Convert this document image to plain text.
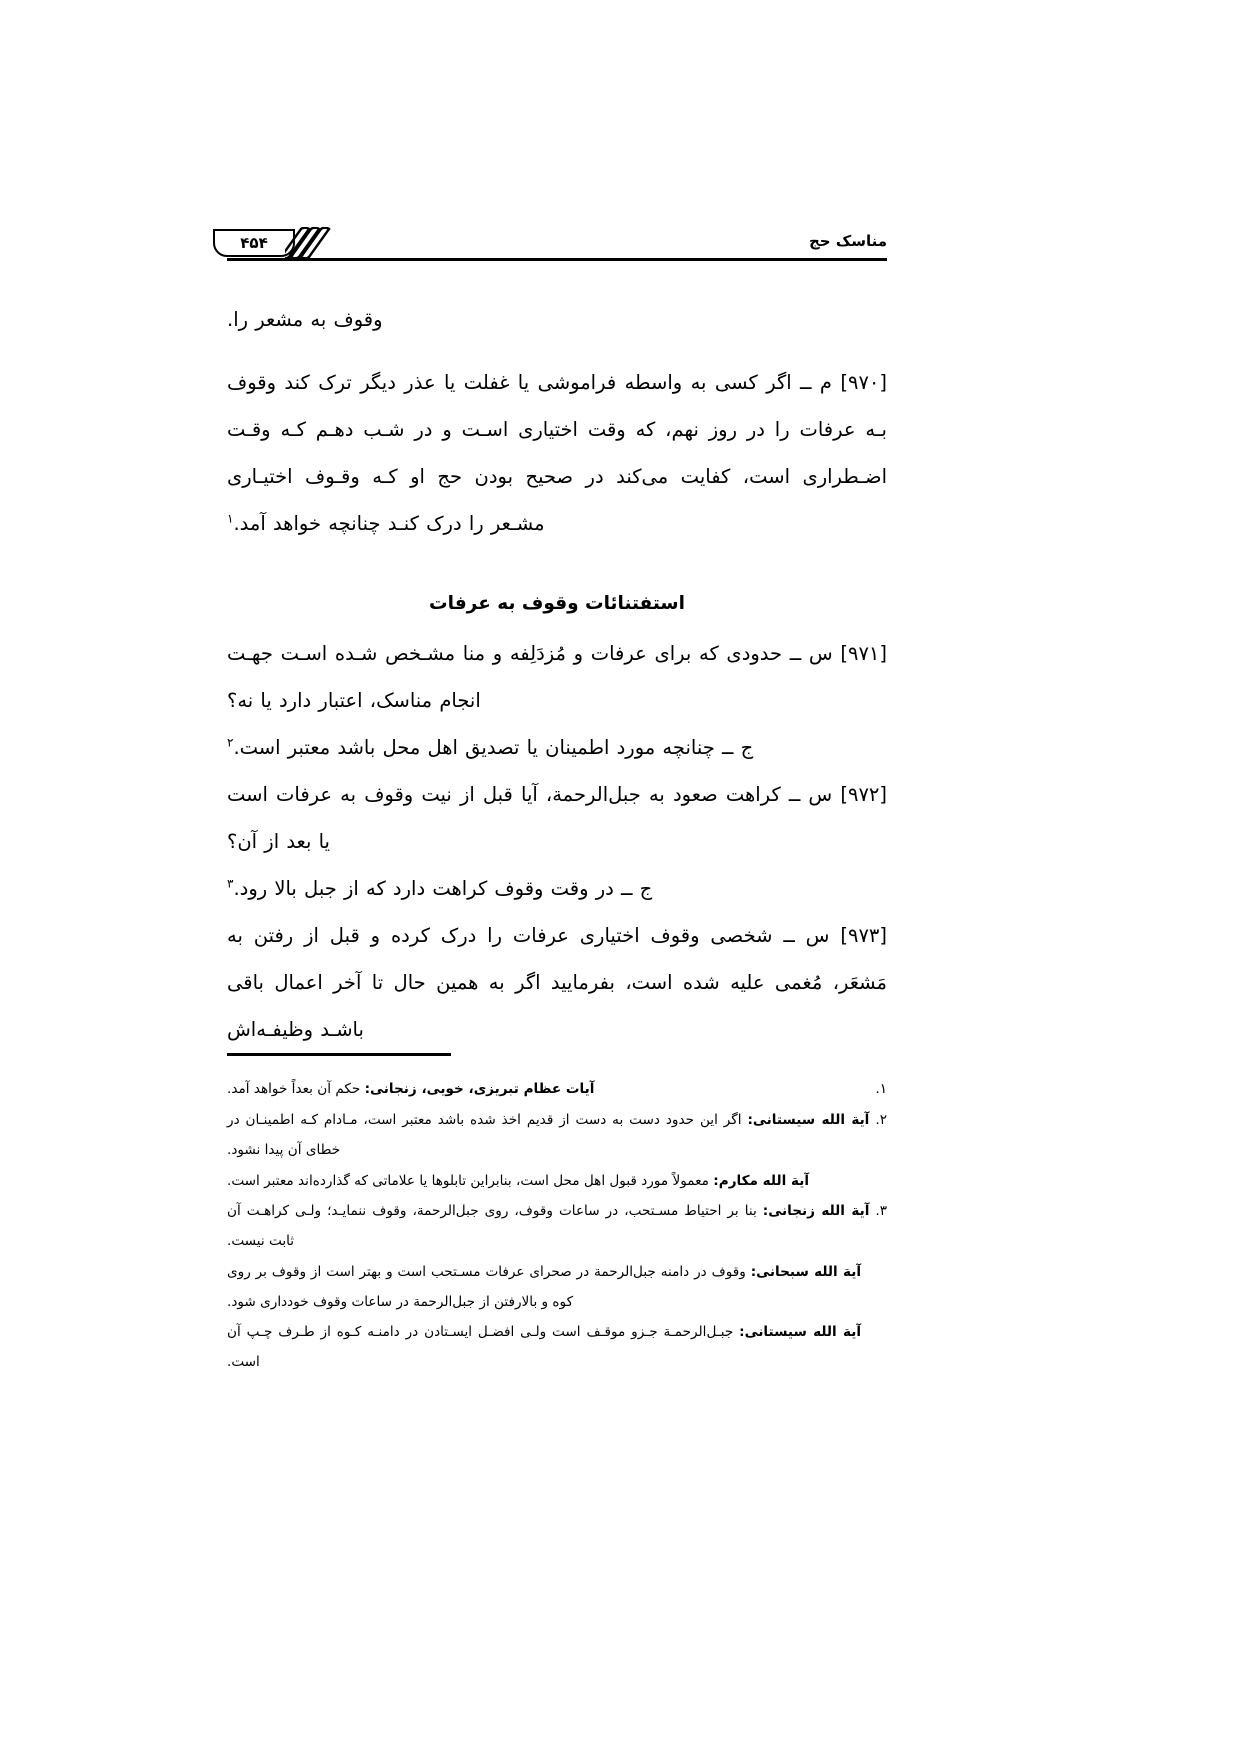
مناسک حج
۴۵۴

وقوف به مشعر را.

[۹۷۰] م ــ اگر کسی به واسطه فراموشی یا غفلت یا عذر دیگر ترک کند وقوف بـه عرفات را در روز نهم، که وقت اختیاری اسـت و در شـب دهـم کـه وقـت اضـطراری است، کفایت می‌کند در صحیح بودن حج او کـه وقـوف اختیـاری مشـعر را درک کنـد چنانچه خواهد آمد.$^۱$

استفتنائات وقوف به عرفات

[۹۷۱] س ــ حدودی که برای عرفات و مُزدَلِفه و منا مشـخص شـده اسـت جهـت انجام مناسک، اعتبار دارد یا نه؟

ج ــ چنانچه مورد اطمینان یا تصدیق اهل محل باشد معتبر است.$^۲$

[۹۷۲] س ــ کراهت صعود به جبل‌الرحمة، آیا قبل از نیت وقوف به عرفات است یا بعد از آن؟

ج ــ در وقت وقوف کراهت دارد که از جبل بالا رود.$^۳$

[۹۷۳] س ــ شخصی وقوف اختیاری عرفات را درک کرده و قبل از رفتن به مَشعَر، مُغمی علیه شده است، بفرمایید اگر به همین حال تا آخر اعمال باقی باشـد وظیفـه‌اش

۱.
آیات عظام تبریزی، خویی، زنجانی: حکم آن بعداً خواهد آمد.
۲.
آیة الله سیستانی: اگر این حدود دست به دست از قدیم اخذ شده باشد معتبر است، مـادام کـه اطمینـان در خطای آن پیدا نشود.
آیة الله مکارم: معمولاً مورد قبول اهل محل است، بنابراین تابلوها یا علاماتی که گذارده‌اند معتبر است.
۳.
آیة الله زنجانی: بنا بر احتیاط مسـتحب، در ساعات وقوف، روی جبل‌الرحمة، وقوف ننمایـد؛ ولـی کراهـت آن ثابت نیست.
آیة الله سبحانی: وقوف در دامنه جبل‌الرحمة در صحرای عرفات مسـتحب است و بهتر است از وقوف بر روی کوه و بالارفتن از جبل‌الرحمة در ساعات وقوف خودداری شود.
آیة الله سیستانی: جبـل‌الرحمـة جـزو موقـف است ولـی افضـل ایسـتادن در دامنـه کـوه از طـرف چـپ آن است.
